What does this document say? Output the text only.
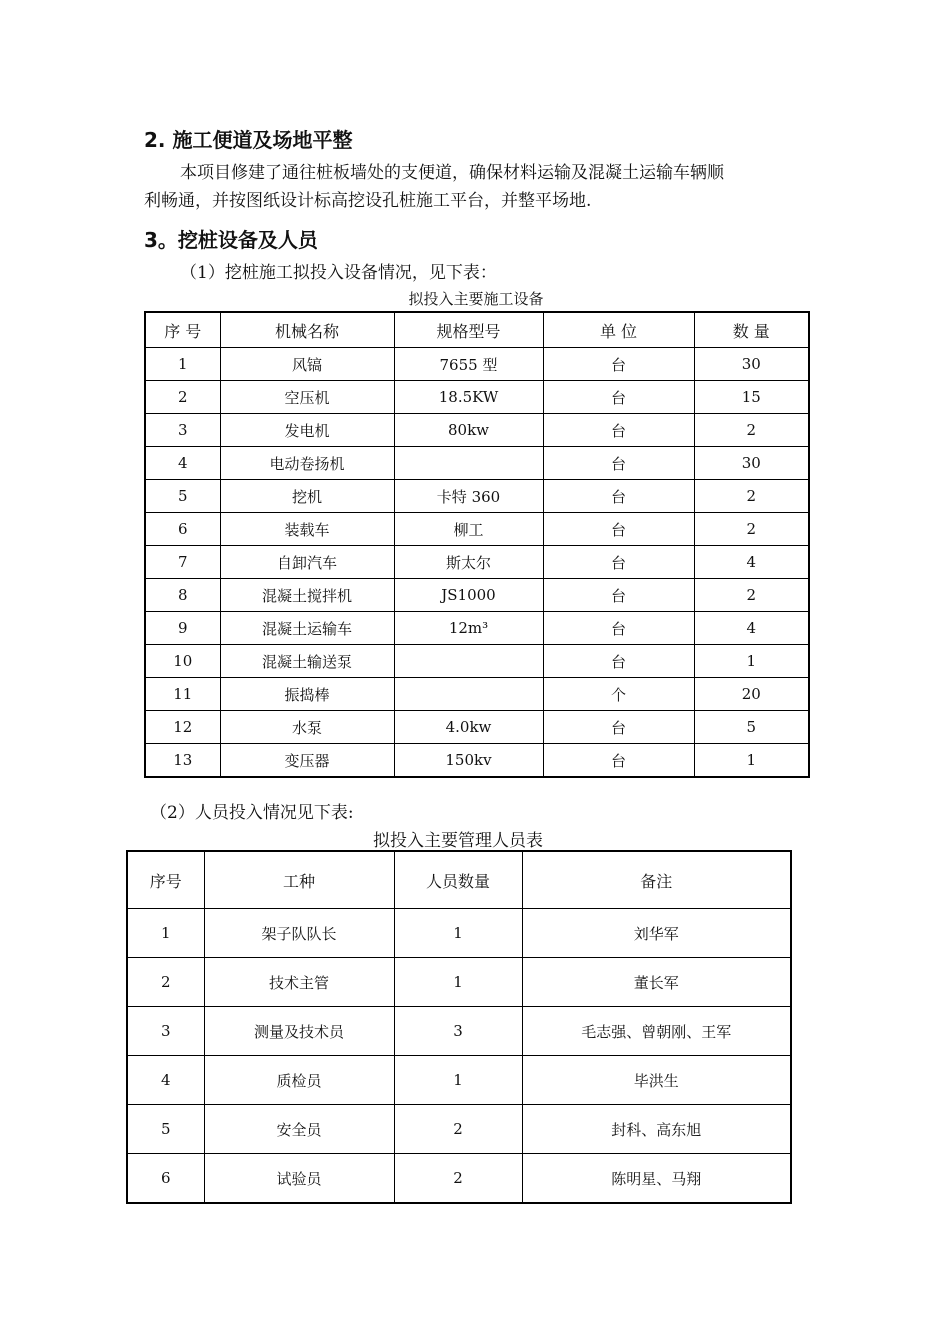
2. 施工便道及场地平整
本项目修建了通往桩板墙处的支便道，确保材料运输及混凝土运输车辆顺
利畅通，并按图纸设计标高挖设孔桩施工平台，并整平场地.
3。挖桩设备及人员
（1）挖桩施工拟投入设备情况，见下表：
拟投入主要施工设备
序 号	机械名称	规格型号	单 位	数 量
1	风镐	7655 型	台	30
2	空压机	18.5KW	台	15
3	发电机	80kw	台	2
4	电动卷扬机		台	30
5	挖机	卡特 360	台	2
6	装载车	柳工	台	2
7	自卸汽车	斯太尔	台	4
8	混凝土搅拌机	JS1000	台	2
9	混凝土运输车	12m³	台	4
10	混凝土输送泵		台	1
11	振捣棒		个	20
12	水泵	4.0kw	台	5
13	变压器	150kv	台	1
（2）人员投入情况见下表:
拟投入主要管理人员表
序号	工种	人员数量	备注
1	架子队队长	1	刘华军
2	技术主管	1	董长军
3	测量及技术员	3	毛志强、曾朝刚、王军
4	质检员	1	毕洪生
5	安全员	2	封科、高东旭
6	试验员	2	陈明星、马翔
